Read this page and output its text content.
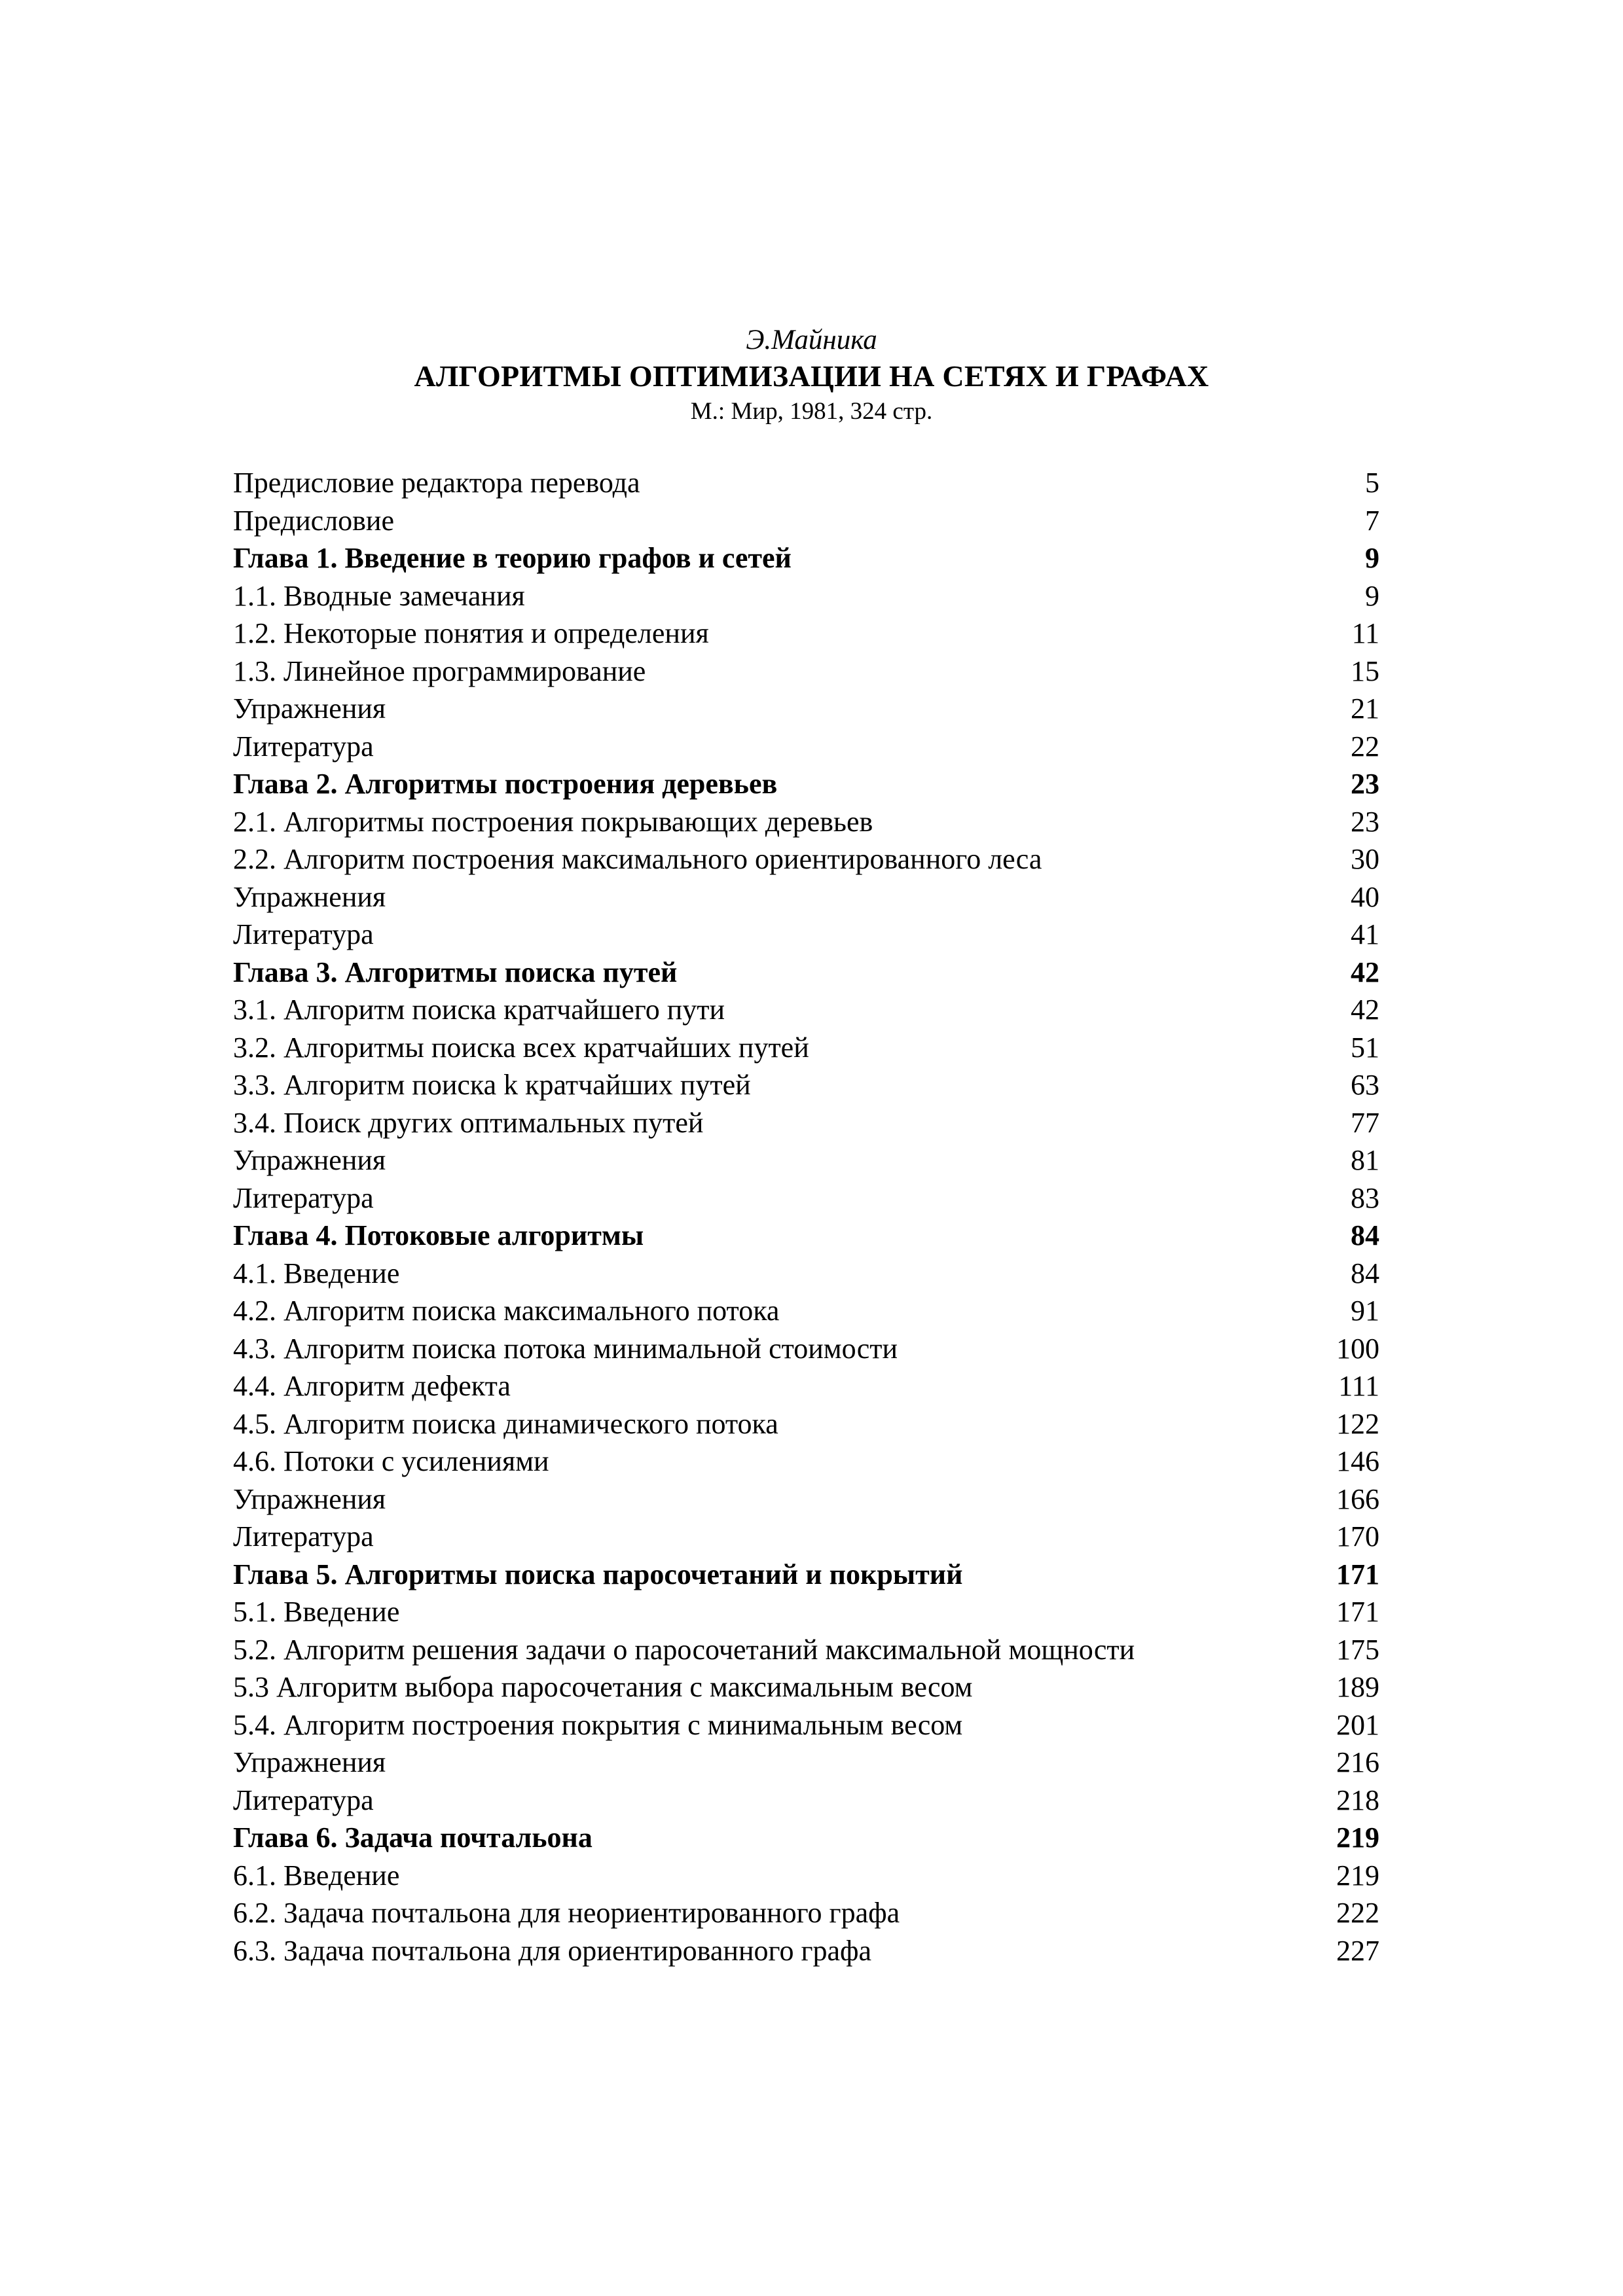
Э.Майника
АЛГОРИТМЫ ОПТИМИЗАЦИИ НА СЕТЯХ И ГРАФАХ
М.: Мир, 1981, 324 стр.
Предисловие редактора перевода	5
Предисловие	7
Глава 1. Введение в теорию графов и сетей	9
1.1. Вводные замечания	9
1.2. Некоторые понятия и определения	11
1.3. Линейное программирование	15
Упражнения	21
Литература	22
Глава 2. Алгоритмы построения деревьев	23
2.1. Алгоритмы построения покрывающих деревьев	23
2.2. Алгоритм построения максимального ориентированного леса	30
Упражнения	40
Литература	41
Глава 3. Алгоритмы поиска путей	42
3.1. Алгоритм поиска кратчайшего пути	42
3.2. Алгоритмы поиска всех кратчайших путей	51
3.3. Алгоритм поиска k кратчайших путей	63
3.4. Поиск других оптимальных путей	77
Упражнения	81
Литература	83
Глава 4. Потоковые алгоритмы	84
4.1. Введение	84
4.2. Алгоритм поиска максимального потока	91
4.3. Алгоритм поиска потока минимальной стоимости	100
4.4. Алгоритм дефекта	111
4.5. Алгоритм поиска динамического потока	122
4.6. Потоки с усилениями	146
Упражнения	166
Литература	170
Глава 5. Алгоритмы поиска паросочетаний и покрытий	171
5.1. Введение	171
5.2. Алгоритм решения задачи о паросочетаний максимальной мощности	175
5.3 Алгоритм выбора паросочетания с максимальным весом	189
5.4. Алгоритм построения покрытия с минимальным весом	201
Упражнения	216
Литература	218
Глава 6. Задача почтальона	219
6.1. Введение	219
6.2. Задача почтальона для неориентированного графа	222
6.3. Задача почтальона для ориентированного графа	227
